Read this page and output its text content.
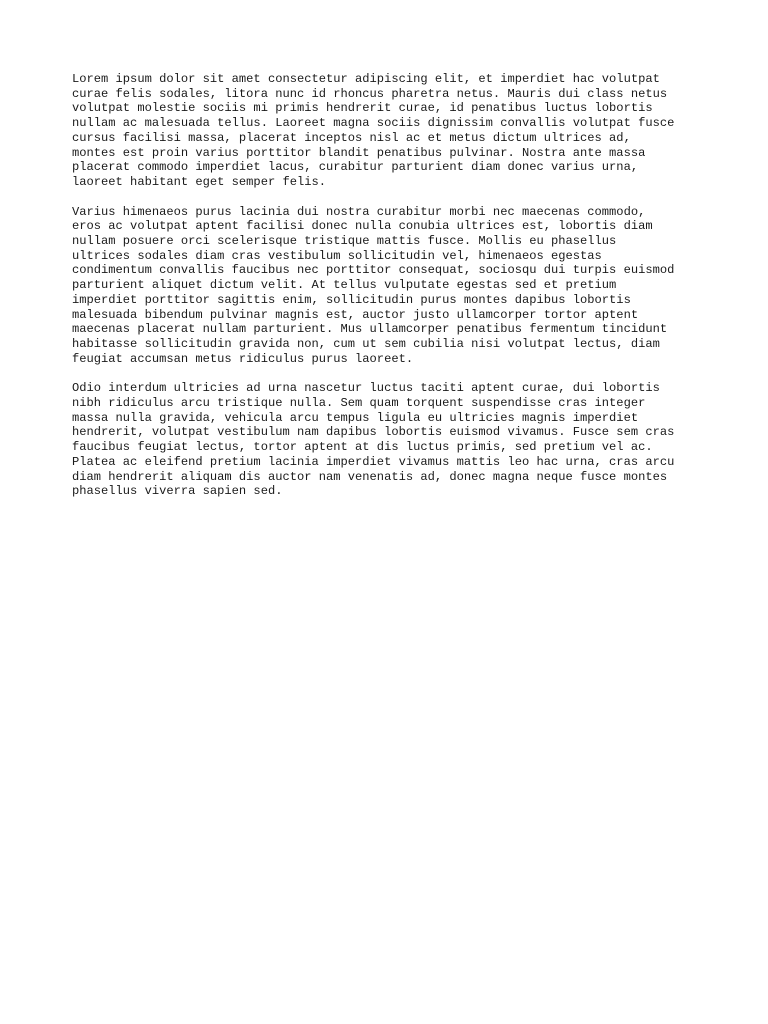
Lorem ipsum dolor sit amet consectetur adipiscing elit, et imperdiet hac volutpat
curae felis sodales, litora nunc id rhoncus pharetra netus. Mauris dui class netus
volutpat molestie sociis mi primis hendrerit curae, id penatibus luctus lobortis
nullam ac malesuada tellus. Laoreet magna sociis dignissim convallis volutpat fusce
cursus facilisi massa, placerat inceptos nisl ac et metus dictum ultrices ad,
montes est proin varius porttitor blandit penatibus pulvinar. Nostra ante massa
placerat commodo imperdiet lacus, curabitur parturient diam donec varius urna,
laoreet habitant eget semper felis.

Varius himenaeos purus lacinia dui nostra curabitur morbi nec maecenas commodo,
eros ac volutpat aptent facilisi donec nulla conubia ultrices est, lobortis diam
nullam posuere orci scelerisque tristique mattis fusce. Mollis eu phasellus
ultrices sodales diam cras vestibulum sollicitudin vel, himenaeos egestas
condimentum convallis faucibus nec porttitor consequat, sociosqu dui turpis euismod
parturient aliquet dictum velit. At tellus vulputate egestas sed et pretium
imperdiet porttitor sagittis enim, sollicitudin purus montes dapibus lobortis
malesuada bibendum pulvinar magnis est, auctor justo ullamcorper tortor aptent
maecenas placerat nullam parturient. Mus ullamcorper penatibus fermentum tincidunt
habitasse sollicitudin gravida non, cum ut sem cubilia nisi volutpat lectus, diam
feugiat accumsan metus ridiculus purus laoreet.

Odio interdum ultricies ad urna nascetur luctus taciti aptent curae, dui lobortis
nibh ridiculus arcu tristique nulla. Sem quam torquent suspendisse cras integer
massa nulla gravida, vehicula arcu tempus ligula eu ultricies magnis imperdiet
hendrerit, volutpat vestibulum nam dapibus lobortis euismod vivamus. Fusce sem cras
faucibus feugiat lectus, tortor aptent at dis luctus primis, sed pretium vel ac.
Platea ac eleifend pretium lacinia imperdiet vivamus mattis leo hac urna, cras arcu
diam hendrerit aliquam dis auctor nam venenatis ad, donec magna neque fusce montes
phasellus viverra sapien sed.
